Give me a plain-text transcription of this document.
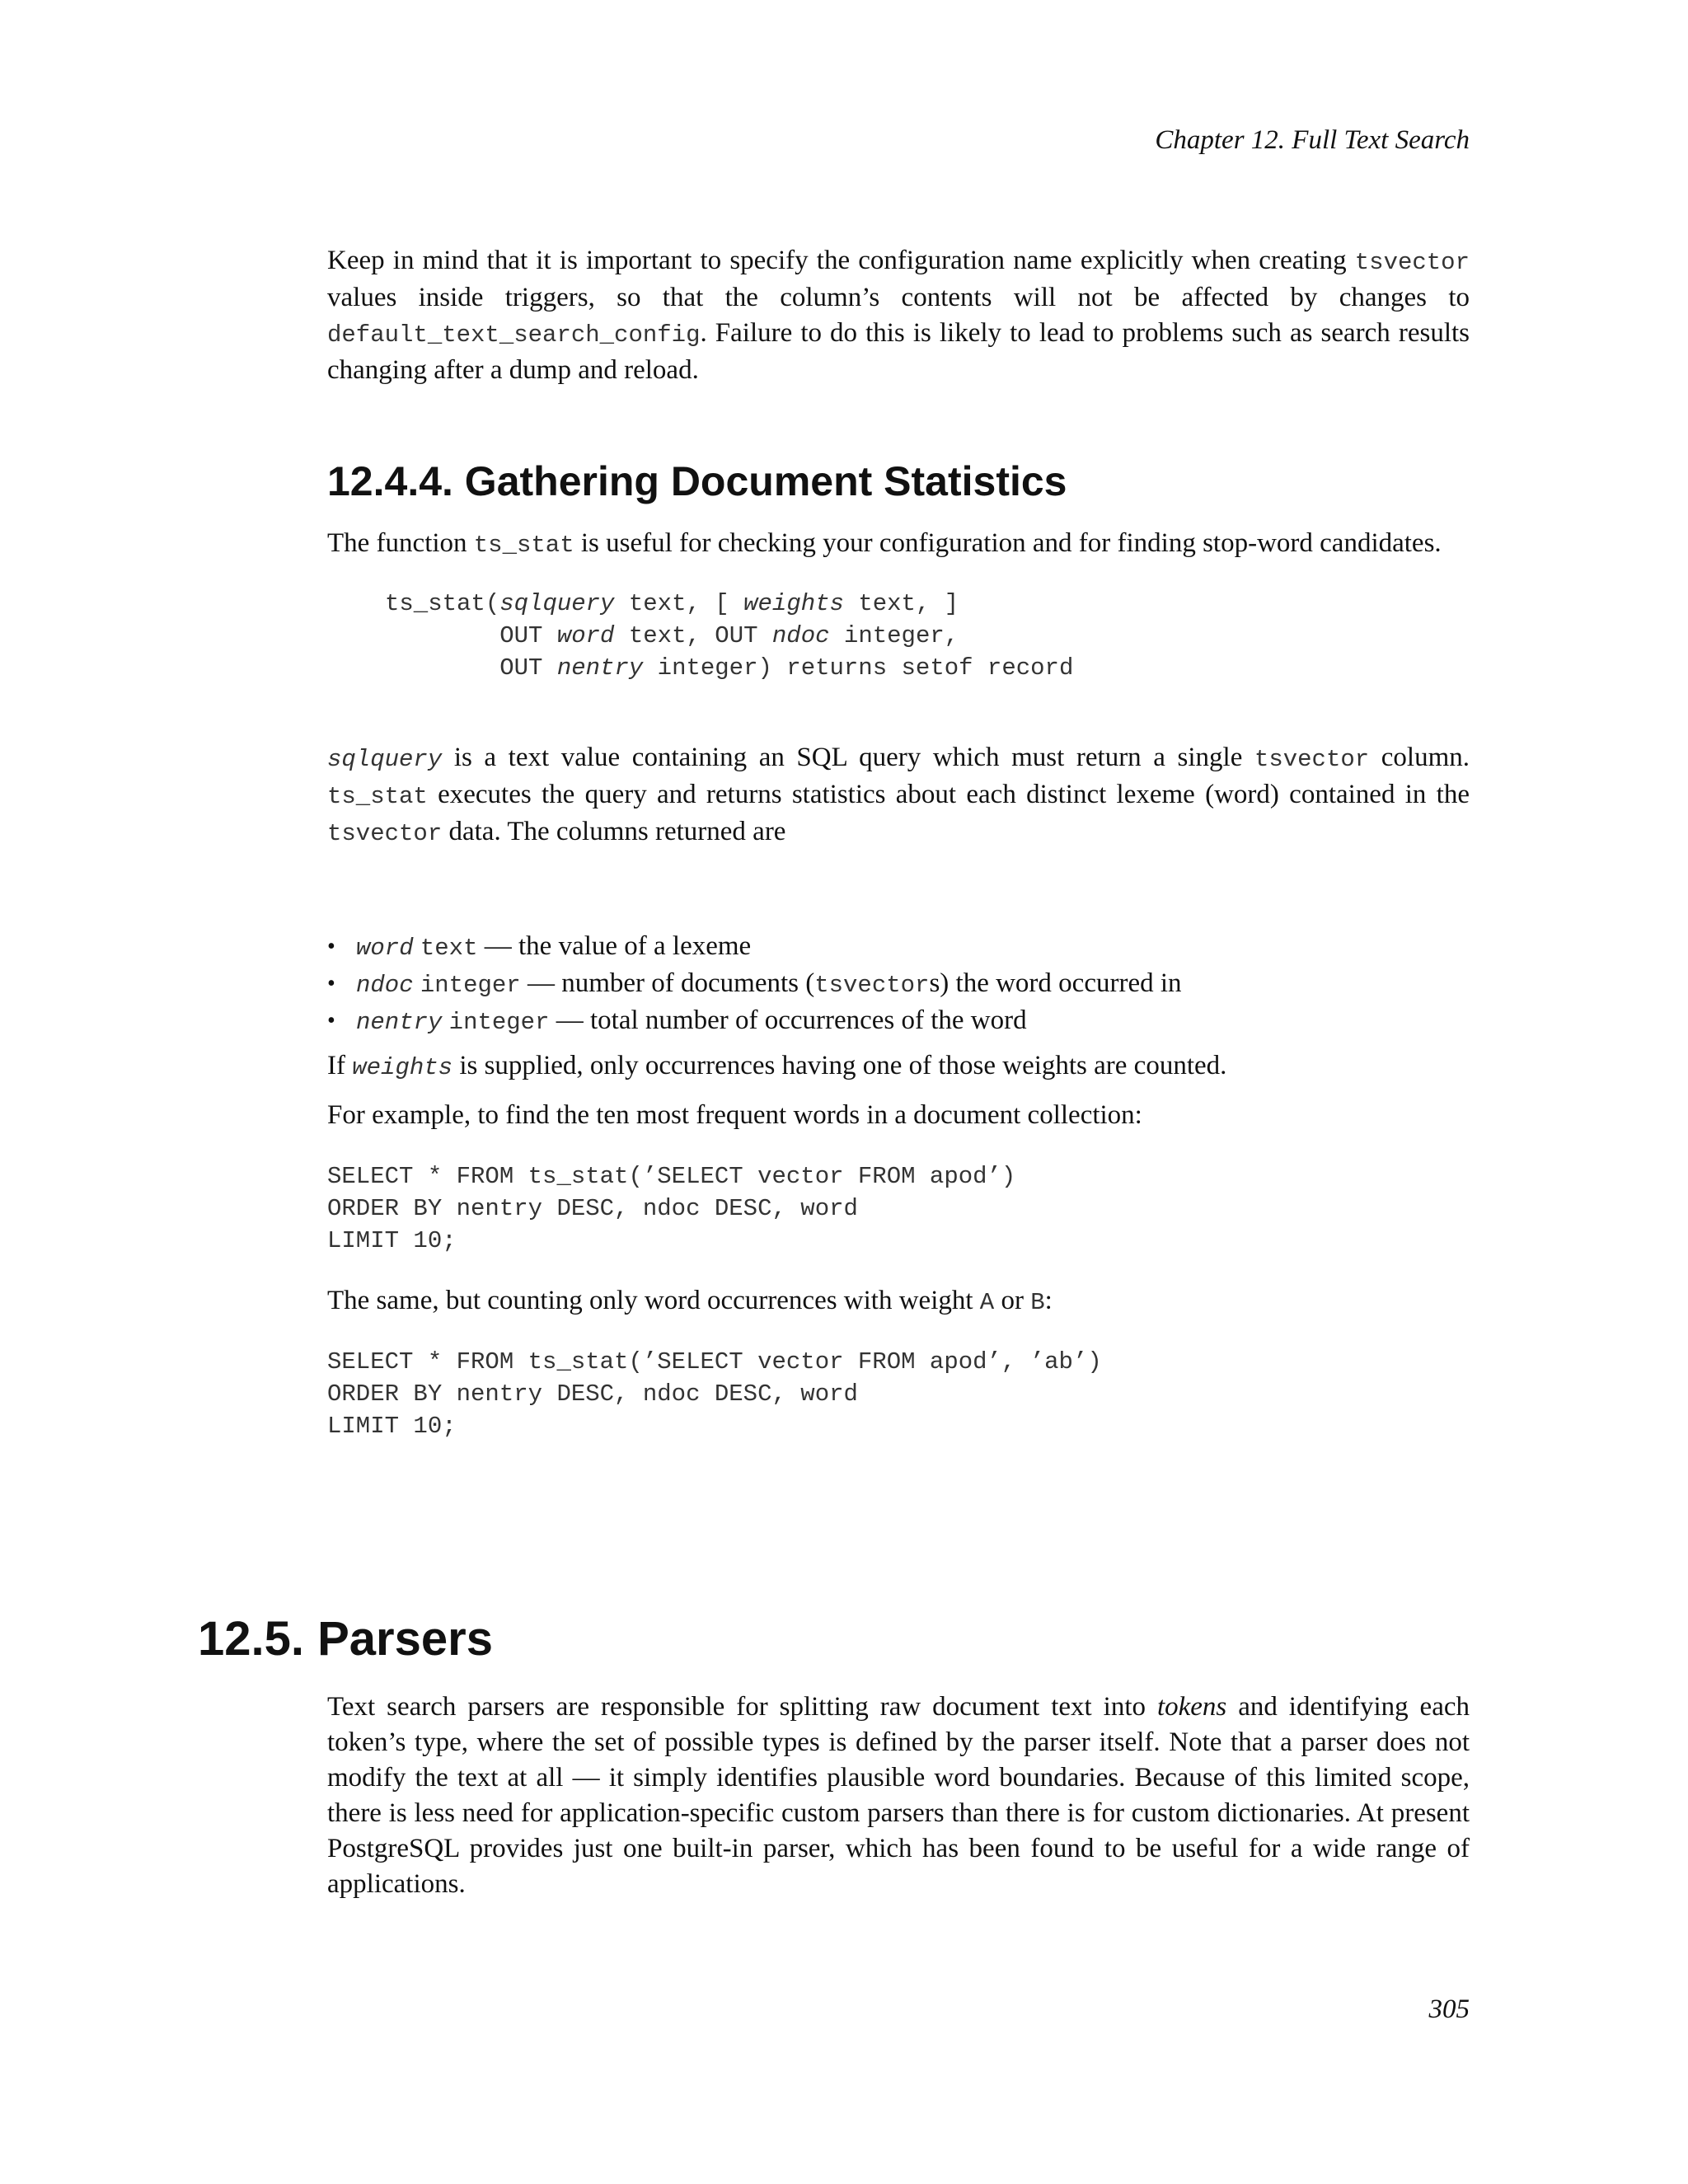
Chapter 12. Full Text Search

Keep in mind that it is important to specify the configuration name explicitly when creating tsvector values inside triggers, so that the column’s contents will not be affected by changes to default_text_search_config. Failure to do this is likely to lead to problems such as search results changing after a dump and reload.

12.4.4. Gathering Document Statistics

The function ts_stat is useful for checking your configuration and for finding stop-word candidates.

ts_stat(sqlquery text, [ weights text, ]
OUT word text, OUT ndoc integer,
OUT nentry integer) returns setof record

sqlquery is a text value containing an SQL query which must return a single tsvector column. ts_stat executes the query and returns statistics about each distinct lexeme (word) contained in the tsvector data. The columns returned are

• word text — the value of a lexeme
• ndoc integer — number of documents (tsvectors) the word occurred in
• nentry integer — total number of occurrences of the word

If weights is supplied, only occurrences having one of those weights are counted.

For example, to find the ten most frequent words in a document collection:

SELECT * FROM ts_stat(’SELECT vector FROM apod’)
ORDER BY nentry DESC, ndoc DESC, word
LIMIT 10;

The same, but counting only word occurrences with weight A or B:

SELECT * FROM ts_stat(’SELECT vector FROM apod’, ’ab’)
ORDER BY nentry DESC, ndoc DESC, word
LIMIT 10;
12.5. Parsers

Text search parsers are responsible for splitting raw document text into tokens and identifying each token’s type, where the set of possible types is defined by the parser itself. Note that a parser does not modify the text at all — it simply identifies plausible word boundaries. Because of this limited scope, there is less need for application-specific custom parsers than there is for custom dictionaries. At present PostgreSQL provides just one built-in parser, which has been found to be useful for a wide range of applications.

305
